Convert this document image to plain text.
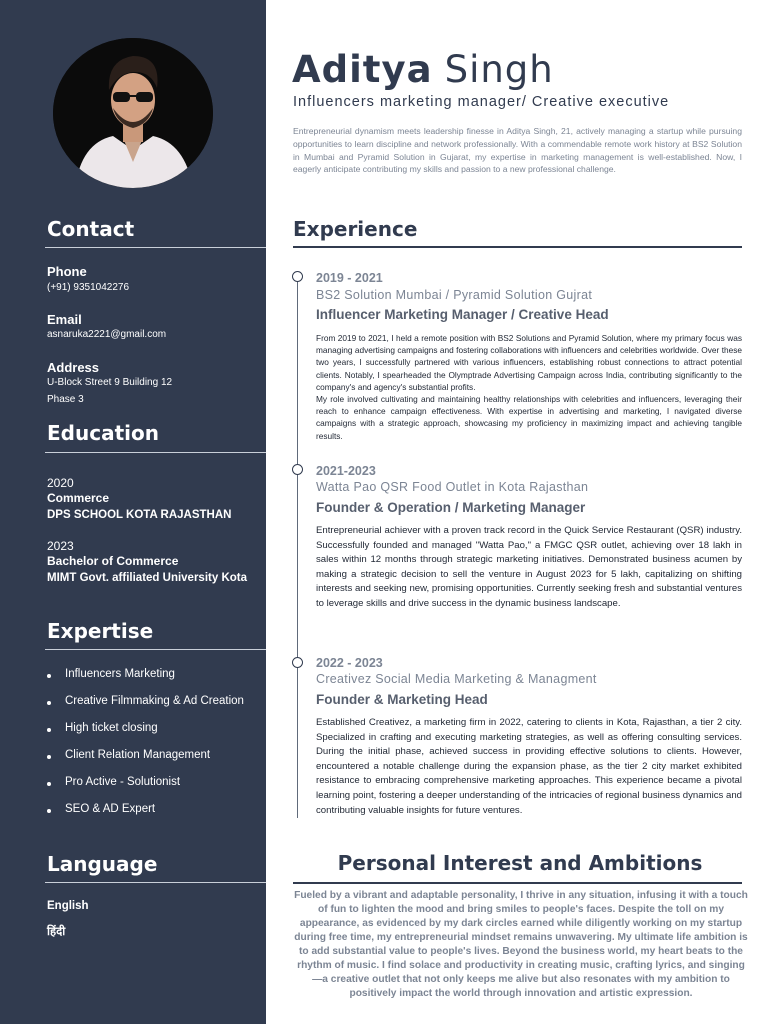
Contact
Phone
(+91) 9351042276
Email
asnaruka2221@gmail.com
Address
U-Block Street 9 Building 12
Phase 3
Education
2020
Commerce
DPS SCHOOL KOTA RAJASTHAN
2023
Bachelor of Commerce
MIMT Govt. affiliated University Kota
Expertise
Influencers Marketing
Creative Filmmaking & Ad Creation
High ticket closing
Client Relation Management
Pro Active - Solutionist
SEO & AD Expert
Language
English
हिंदी
Aditya Singh
Influencers marketing manager/ Creative executive
Entrepreneurial dynamism meets leadership finesse in Aditya Singh, 21, actively managing a startup while pursuing opportunities to learn discipline and network professionally. With a commendable remote work history at BS2 Solution in Mumbai and Pyramid Solution in Gujarat, my expertise in marketing management is well-established. Now, I eagerly anticipate contributing my skills and passion to a new professional challenge.
Experience
2019 - 2021
BS2 Solution Mumbai / Pyramid Solution Gujrat
Influencer Marketing Manager / Creative Head

From 2019 to 2021, I held a remote position with BS2 Solutions and Pyramid Solution, where my primary focus was managing advertising campaigns and fostering collaborations with influencers and celebrities worldwide. Over these two years, I successfully partnered with various influencers, establishing robust connections to attract potential clients. Notably, I spearheaded the Olymptrade Advertising Campaign across India, contributing significantly to the company's and agency's substantial profits.

My role involved cultivating and maintaining healthy relationships with celebrities and influencers, leveraging their reach to enhance campaign effectiveness. With expertise in advertising and marketing, I navigated diverse campaigns with a strategic approach, showcasing my proficiency in maximizing impact and achieving tangible results.

2021-2023
Watta Pao QSR Food Outlet in Kota Rajasthan
Founder & Operation / Marketing Manager

Entrepreneurial achiever with a proven track record in the Quick Service Restaurant (QSR) industry. Successfully founded and managed "Watta Pao," a FMGC QSR outlet, achieving over 18 lakh in sales within 12 months through strategic marketing initiatives. Demonstrated business acumen by making a strategic decision to sell the venture in August 2023 for 5 lakh, capitalizing on shifting interests and seeking new, promising opportunities. Currently seeking fresh and substantial ventures to leverage skills and drive success in the dynamic business landscape.

2022 - 2023
Creativez Social Media Marketing & Managment
Founder & Marketing Head

Established Creativez, a marketing firm in 2022, catering to clients in Kota, Rajasthan, a tier 2 city. Specialized in crafting and executing marketing strategies, as well as offering consulting services. During the initial phase, achieved success in providing effective solutions to clients. However, encountered a notable challenge during the expansion phase, as the tier 2 city market exhibited resistance to embracing comprehensive marketing approaches. This experience became a pivotal learning point, fostering a deeper understanding of the intricacies of regional business dynamics and contributing valuable insights for future ventures.

Personal Interest and Ambitions
Fueled by a vibrant and adaptable personality, I thrive in any situation, infusing it with a touch of fun to lighten the mood and bring smiles to people's faces. Despite the toll on my appearance, as evidenced by my dark circles earned while diligently working on my startup during free time, my entrepreneurial mindset remains unwavering. My ultimate life ambition is to add substantial value to people's lives. Beyond the business world, my heart beats to the rhythm of music. I find solace and productivity in creating music, crafting lyrics, and singing—a creative outlet that not only keeps me alive but also resonates with my ambition to positively impact the world through innovation and artistic expression.
